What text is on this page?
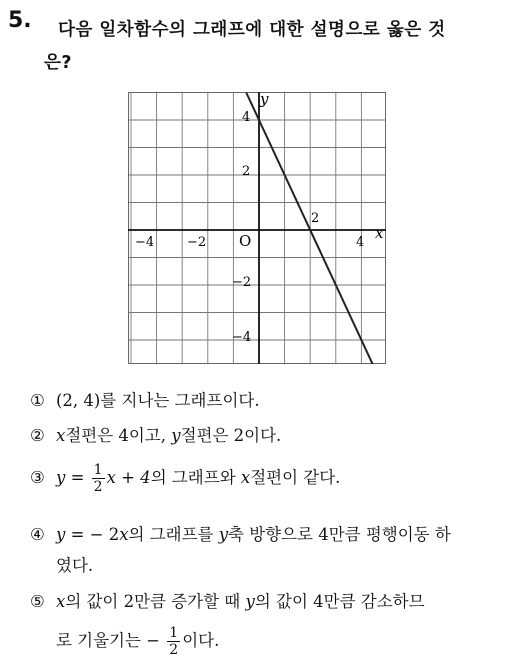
5. 다음 일차함수의 그래프에 대한 설명으로 옳은 것
은?
x
y
O
−4	−2	4
4
2
−2
−4
2
① (2, 4)를 지나는 그래프이다.
② x절편은 4이고, y절편은 2이다.
③ $y = \frac{1}{2}$ x + 4의 그래프와 x절편이 같다.
④ y = − 2x의 그래프를 y축 방향으로 4만큼 평행이동 하
였다.
⑤ x의 값이 2만큼 증가할 때 y의 값이 4만큼 감소하므
로 기울기는 − $\frac{1}{2}$ 이다.
